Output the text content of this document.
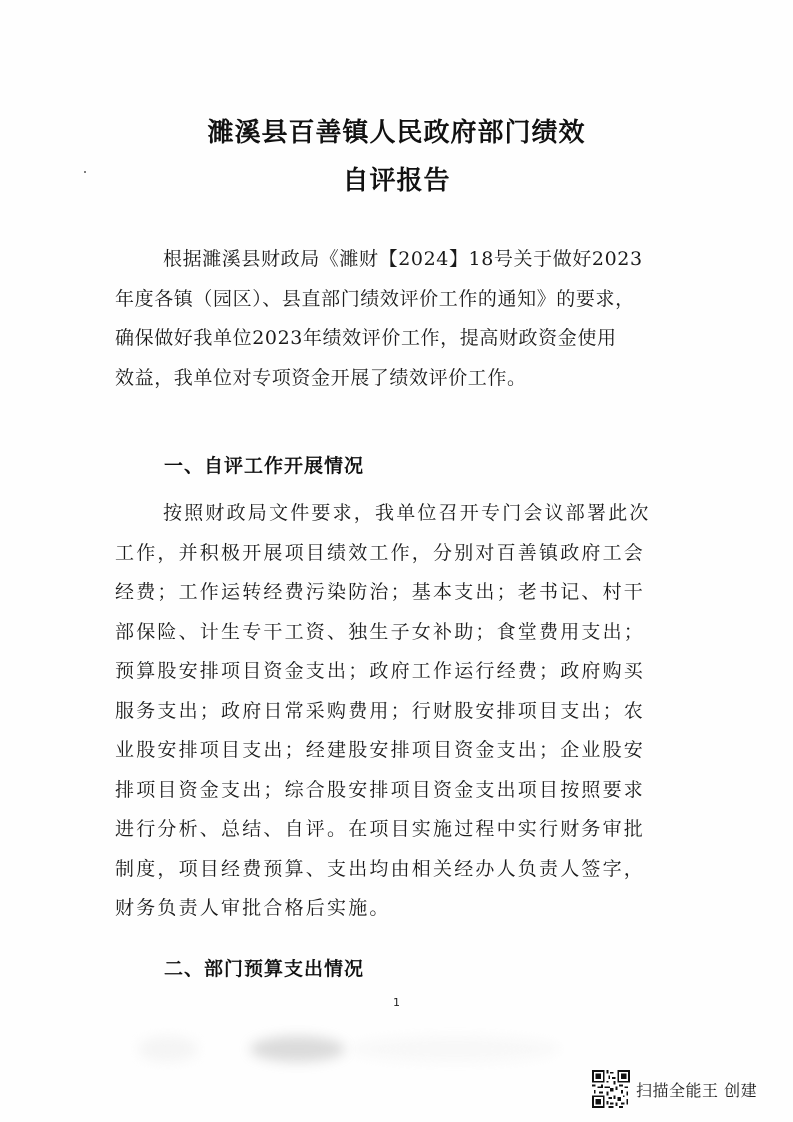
濉溪县百善镇人民政府部门绩效
自评报告
根据濉溪县财政局《濉财【2024】18号关于做好2023
年度各镇（园区）、县直部门绩效评价工作的通知》的要求，
确保做好我单位2023年绩效评价工作，提高财政资金使用
效益，我单位对专项资金开展了绩效评价工作。
一、自评工作开展情况
按照财政局文件要求，我单位召开专门会议部署此次
工作，并积极开展项目绩效工作，分别对百善镇政府工会
经费；工作运转经费污染防治；基本支出；老书记、村干
部保险、计生专干工资、独生子女补助；食堂费用支出；
预算股安排项目资金支出；政府工作运行经费；政府购买
服务支出；政府日常采购费用；行财股安排项目支出；农
业股安排项目支出；经建股安排项目资金支出；企业股安
排项目资金支出；综合股安排项目资金支出项目按照要求
进行分析、总结、自评。在项目实施过程中实行财务审批
制度，项目经费预算、支出均由相关经办人负责人签字，
财务负责人审批合格后实施。
二、部门预算支出情况
1
扫描全能王 创建
